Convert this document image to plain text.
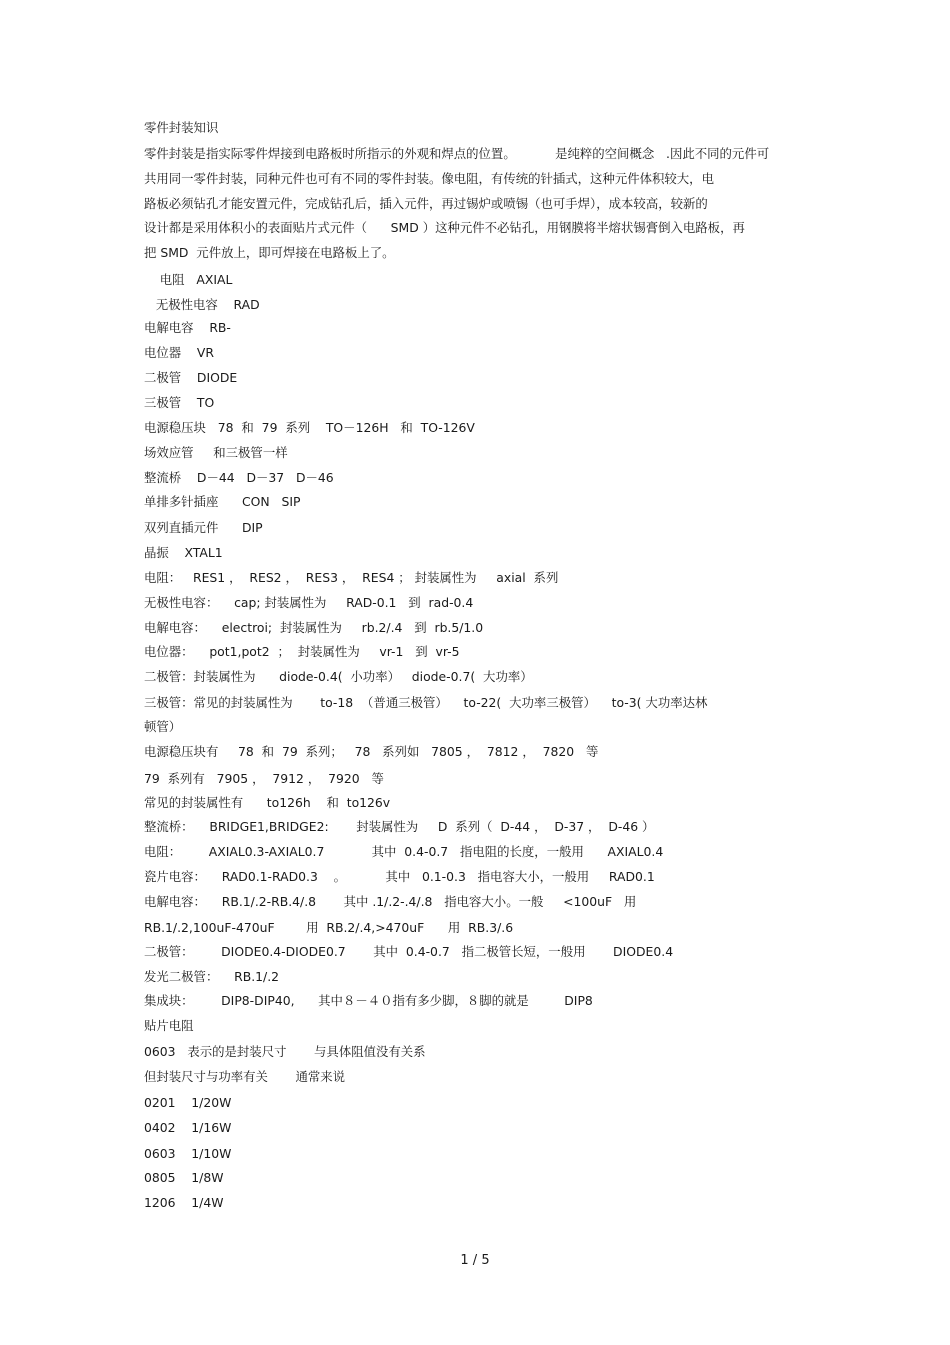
零件封装知识
零件封装是指实际零件焊接到电路板时所指示的外观和焊点的位置。          是纯粹的空间概念   .因此不同的元件可
共用同一零件封装，同种元件也可有不同的零件封装。像电阻，有传统的针插式，这种元件体积较大，电
路板必须钻孔才能安置元件，完成钻孔后，插入元件，再过锡炉或喷锡（也可手焊），成本较高，较新的
设计都是采用体积小的表面贴片式元件（      SMD ）这种元件不必钻孔，用钢膜将半熔状锡膏倒入电路板，再
把 SMD  元件放上，即可焊接在电路板上了。
电阻   AXIAL
无极性电容    RAD
电解电容    RB-
电位器    VR
二极管    DIODE
三极管    TO
电源稳压块   78  和  79  系列    TO－126H   和  TO-126V
场效应管     和三极管一样
整流桥    D－44   D－37   D－46
单排多针插座      CON   SIP
双列直插元件      DIP
晶振    XTAL1
电阻：   RES1 ，  RES2 ，  RES3 ，  RES4 ； 封装属性为     axial  系列
无极性电容：    cap; 封装属性为     RAD-0.1   到  rad-0.4
电解电容：    electroi;  封装属性为     rb.2/.4   到  rb.5/1.0
电位器：    pot1,pot2  ；  封装属性为     vr-1   到  vr-5
二极管：封装属性为      diode-0.4(  小功率）   diode-0.7(  大功率）
三极管：常见的封装属性为       to-18  （普通三极管）    to-22(  大功率三极管）    to-3( 大功率达林
顿管）
电源稳压块有     78  和  79  系列；   78   系列如   7805 ，  7812 ，  7820   等
79  系列有   7905 ，  7912 ，  7920   等
常见的封装属性有      to126h    和  to126v
整流桥：    BRIDGE1,BRIDGE2:       封装属性为     D  系列（  D-44 ，  D-37 ，  D-46 ）
电阻：       AXIAL0.3-AXIAL0.7            其中  0.4-0.7   指电阻的长度，一般用      AXIAL0.4
瓷片电容：    RAD0.1-RAD0.3    。          其中   0.1-0.3   指电容大小，一般用     RAD0.1
电解电容：    RB.1/.2-RB.4/.8       其中 .1/.2-.4/.8   指电容大小。一般     <100uF   用
RB.1/.2,100uF-470uF        用  RB.2/.4,>470uF      用  RB.3/.6
二极管：       DIODE0.4-DIODE0.7       其中  0.4-0.7   指二极管长短，一般用       DIODE0.4
发光二极管：    RB.1/.2
集成块：       DIP8-DIP40,      其中８－４０指有多少脚，８脚的就是         DIP8
贴片电阻
0603   表示的是封装尺寸       与具体阻值没有关系
但封装尺寸与功率有关       通常来说
0201    1/20W
0402    1/16W
0603    1/10W
0805    1/8W
1206    1/4W
1 / 5
